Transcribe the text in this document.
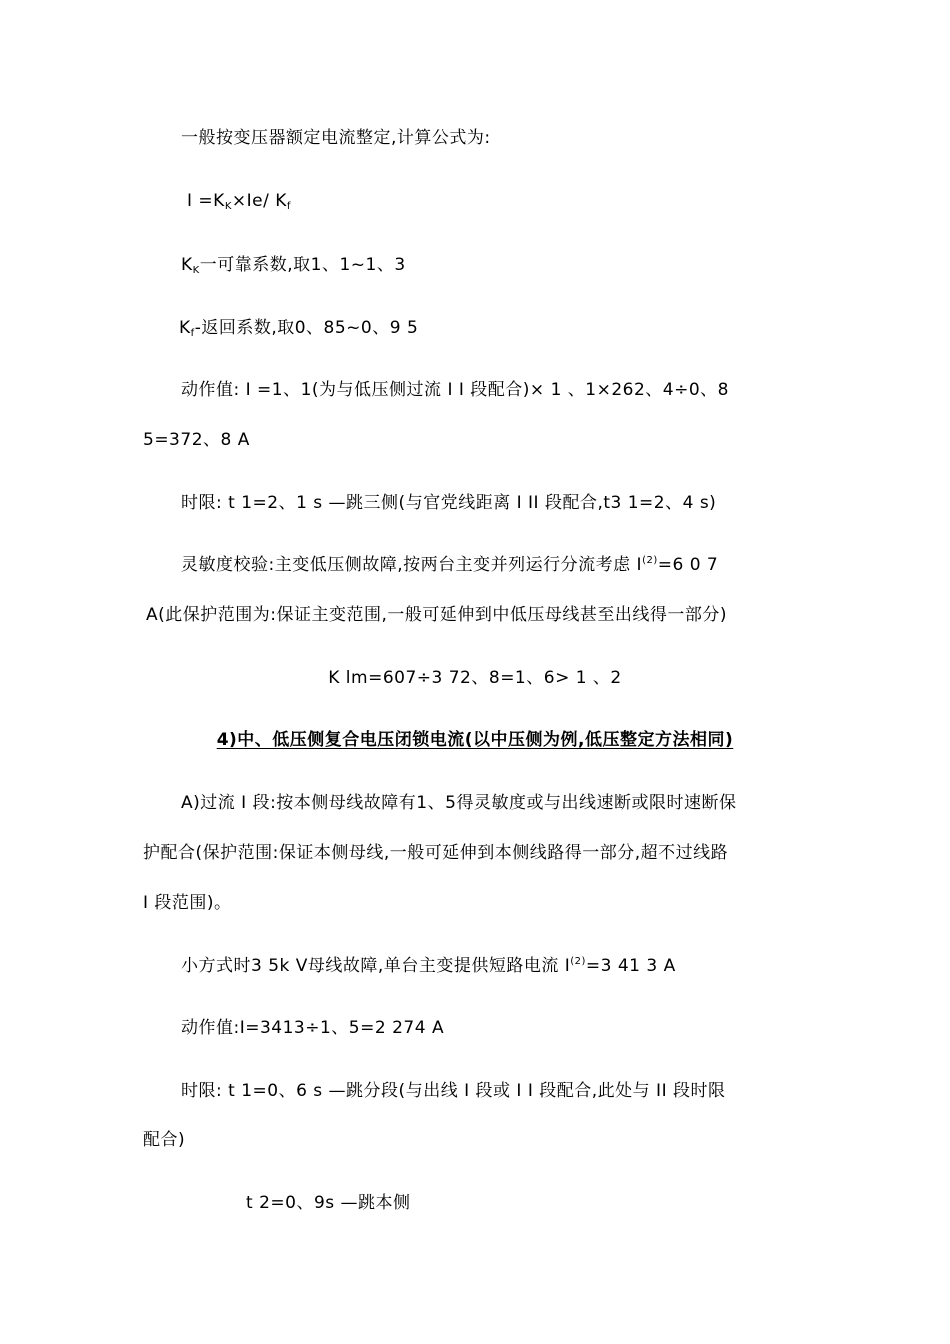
一般按变压器额定电流整定,计算公式为:
I =KK×Ie/ Kf
KK一可靠系数,取1、1~1、3
Kf-返回系数,取0、85~0、9 5
动作值: I =1、1(为与低压侧过流 I I 段配合)× 1 、1×262、4÷0、8
5=372、8 A
时限: t 1=2、1 s —跳三侧(与官党线距离 I II 段配合,t3 1=2、4 s)
灵敏度校验:主变低压侧故障,按两台主变并列运行分流考虑 $I^{(2)}=6$ 0 7
A(此保护范围为:保证主变范围,一般可延伸到中低压母线甚至出线得一部分)
K lm=607÷3 72、8=1、6> 1 、2
4)中、低压侧复合电压闭锁电流(以中压侧为例,低压整定方法相同)
A)过流 I 段:按本侧母线故障有1、5得灵敏度或与出线速断或限时速断保
护配合(保护范围:保证本侧母线,一般可延伸到本侧线路得一部分,超不过线路
I 段范围)。
小方式时3 5k V母线故障,单台主变提供短路电流 $I^{(2)}=3$ 41 3 A
动作值:I=3413÷1、5=2 274 A
时限: t 1=0、6 s —跳分段(与出线 I 段或 I I 段配合,此处与 II 段时限
配合)
t 2=0、9s —跳本侧
